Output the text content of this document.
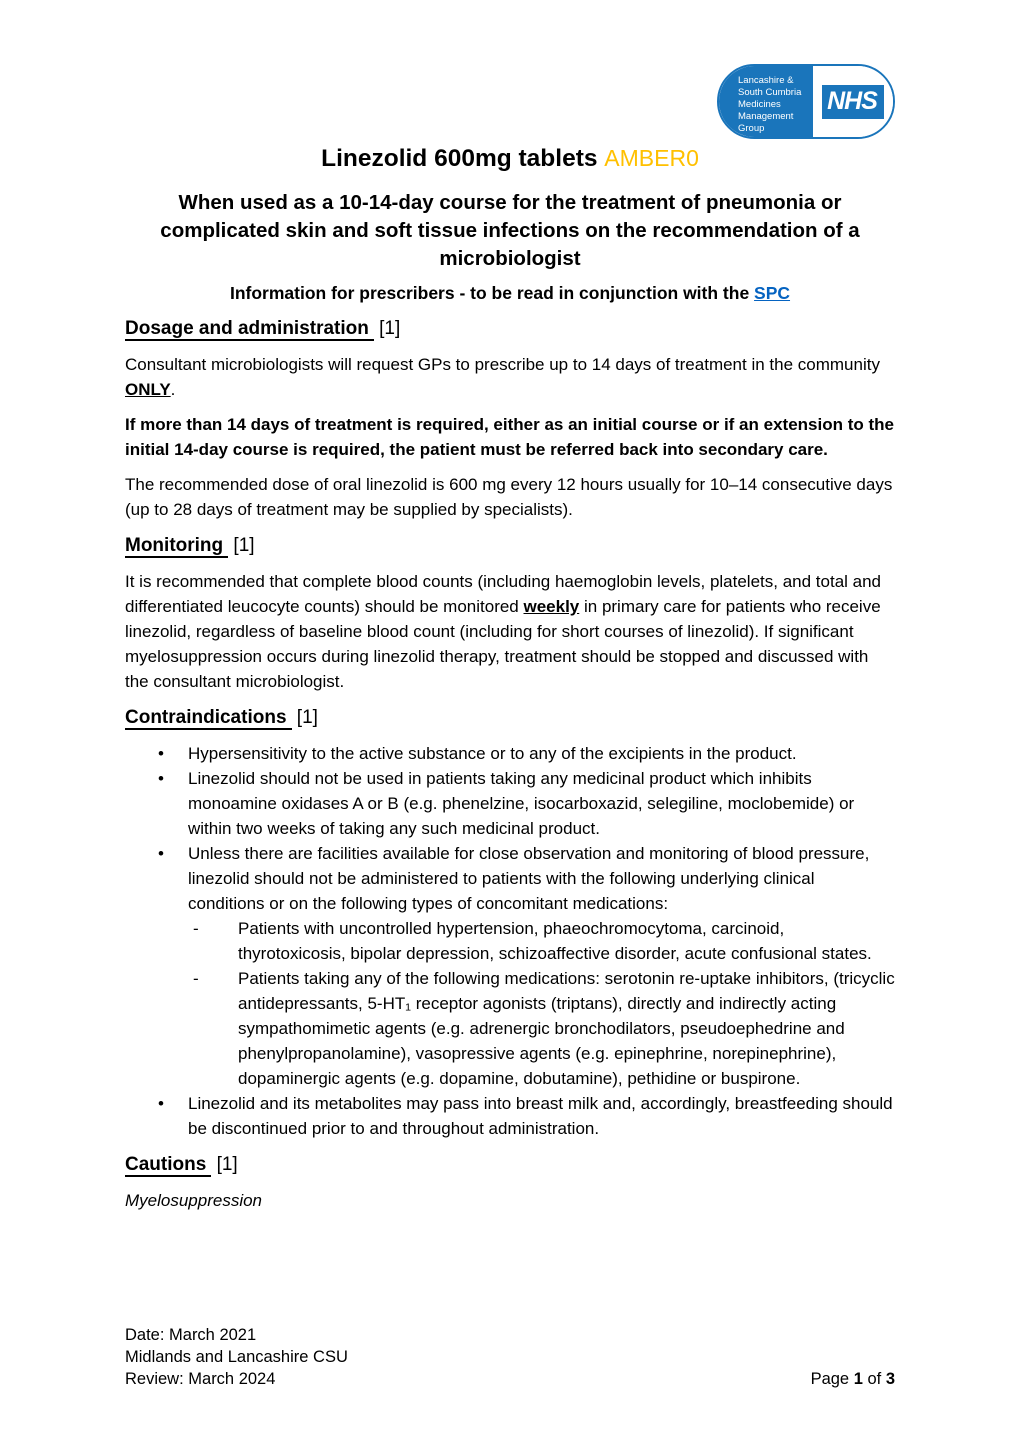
Lancashire &
South Cumbria
Medicines
Management
Group
NHS
Linezolid 600mg tablets AMBER0
When used as a 10-14-day course for the treatment of pneumonia or complicated skin and soft tissue infections on the recommendation of a microbiologist

Information for prescribers - to be read in conjunction with the SPC

Dosage and administration [1]

Consultant microbiologists will request GPs to prescribe up to 14 days of treatment in the community ONLY.

If more than 14 days of treatment is required, either as an initial course or if an extension to the initial 14-day course is required, the patient must be referred back into secondary care.

The recommended dose of oral linezolid is 600 mg every 12 hours usually for 10–14 consecutive days (up to 28 days of treatment may be supplied by specialists).

Monitoring [1]

It is recommended that complete blood counts (including haemoglobin levels, platelets, and total and differentiated leucocyte counts) should be monitored weekly in primary care for patients who receive linezolid, regardless of baseline blood count (including for short courses of linezolid). If significant myelosuppression occurs during linezolid therapy, treatment should be stopped and discussed with the consultant microbiologist.

Contraindications [1]
• Hypersensitivity to the active substance or to any of the excipients in the product.
• Linezolid should not be used in patients taking any medicinal product which inhibits monoamine oxidases A or B (e.g. phenelzine, isocarboxazid, selegiline, moclobemide) or within two weeks of taking any such medicinal product.
• Unless there are facilities available for close observation and monitoring of blood pressure, linezolid should not be administered to patients with the following underlying clinical conditions or on the following types of concomitant medications:
- Patients with uncontrolled hypertension, phaeochromocytoma, carcinoid, thyrotoxicosis, bipolar depression, schizoaffective disorder, acute confusional states.
- Patients taking any of the following medications: serotonin re-uptake inhibitors, (tricyclic antidepressants, 5-HT₁ receptor agonists (triptans), directly and indirectly acting sympathomimetic agents (e.g. adrenergic bronchodilators, pseudoephedrine and phenylpropanolamine), vasopressive agents (e.g. epinephrine, norepinephrine), dopaminergic agents (e.g. dopamine, dobutamine), pethidine or buspirone.
• Linezolid and its metabolites may pass into breast milk and, accordingly, breastfeeding should be discontinued prior to and throughout administration.
Cautions [1]

Myelosuppression

Date: March 2021
Midlands and Lancashire CSU
Review: March 2024	Page 1 of 3
